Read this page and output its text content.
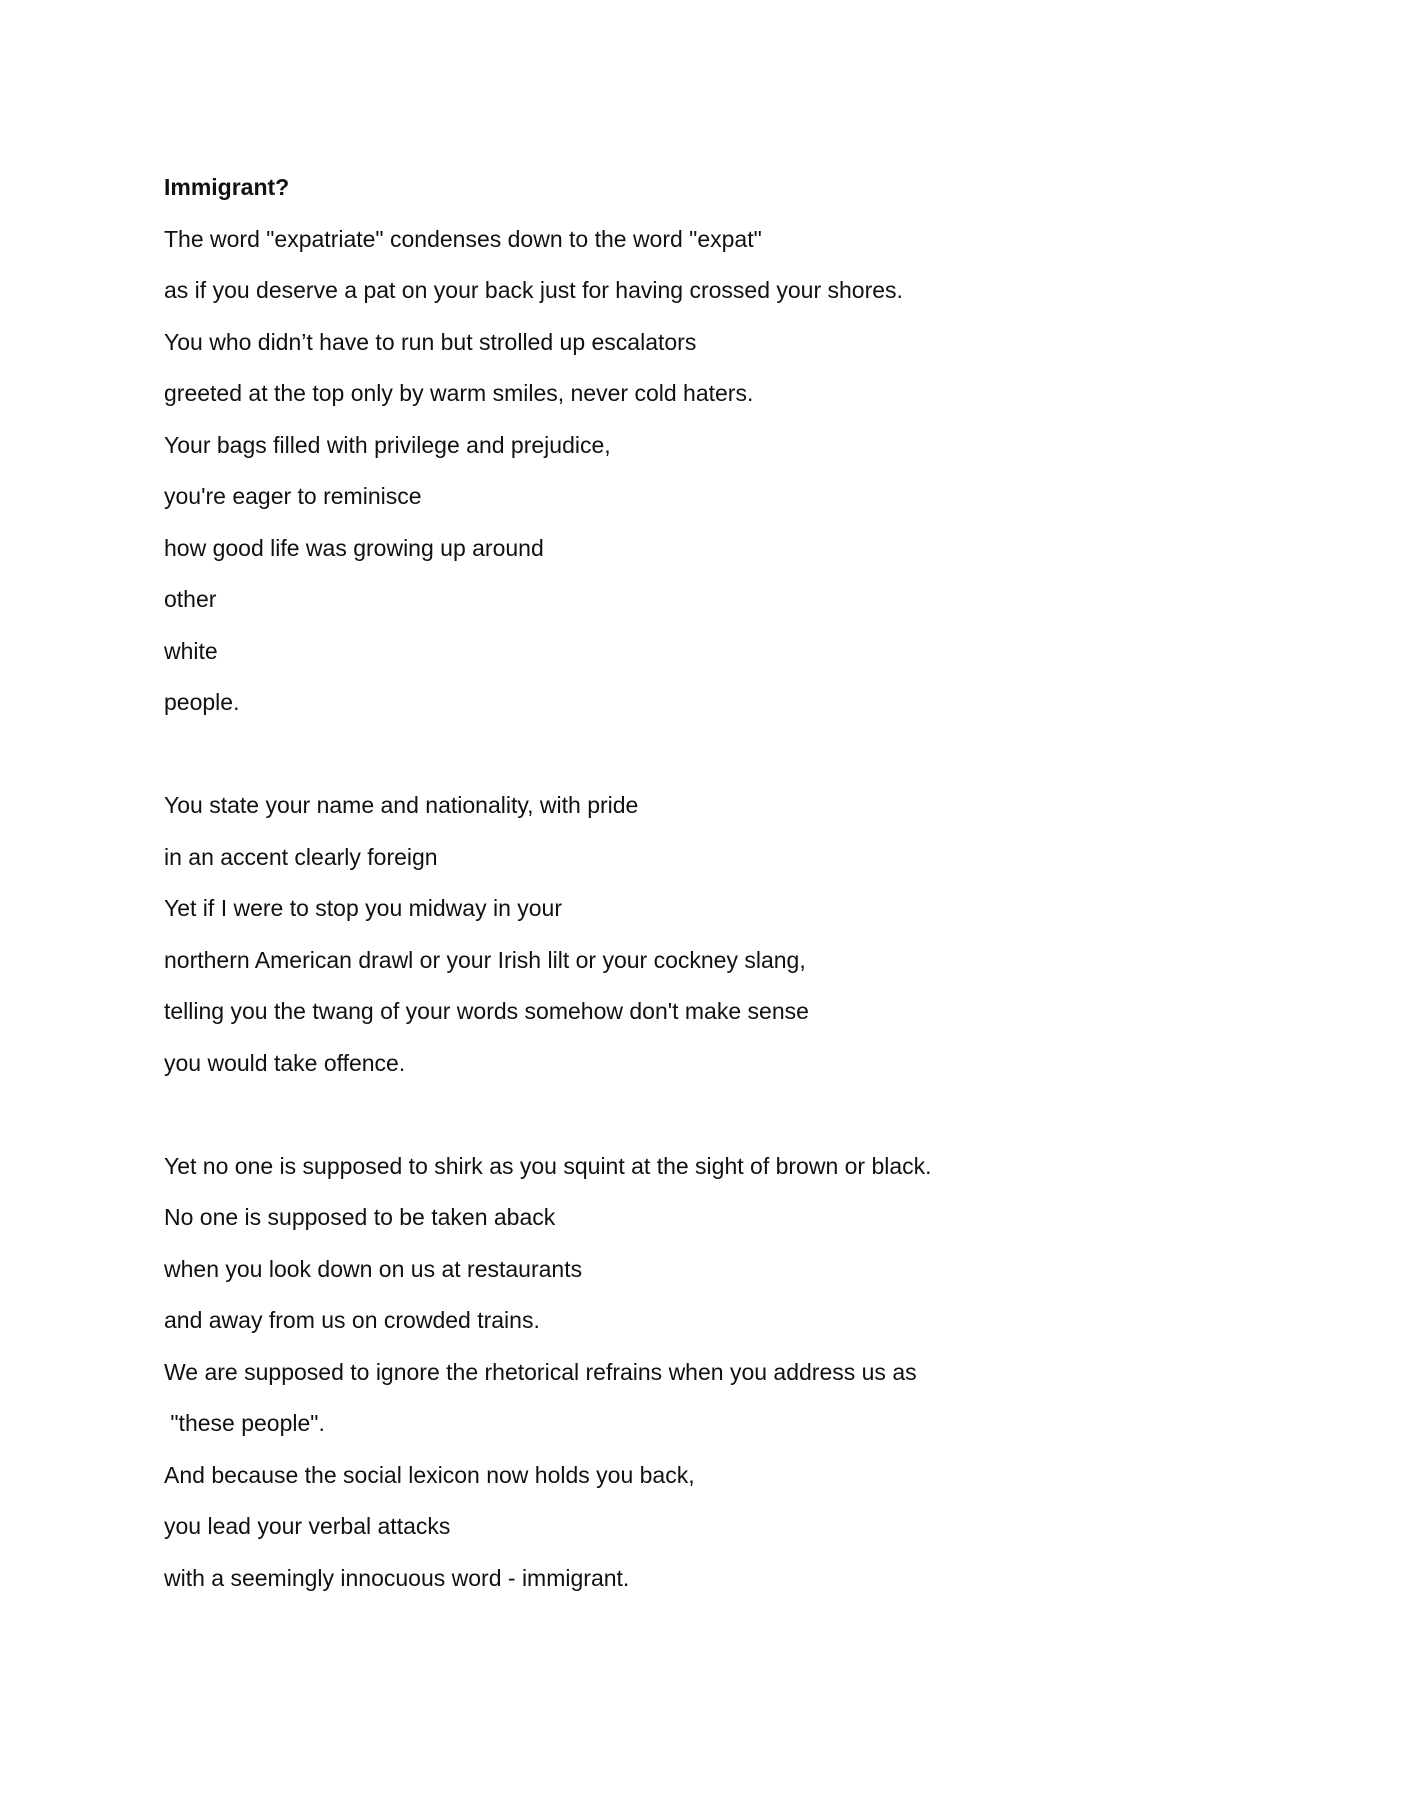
Immigrant?
The word "expatriate" condenses down to the word "expat"
as if you deserve a pat on your back just for having crossed your shores.
You who didn’t have to run but strolled up escalators
greeted at the top only by warm smiles, never cold haters.
Your bags filled with privilege and prejudice,
you're eager to reminisce
how good life was growing up around
other
white
people.
You state your name and nationality, with pride
in an accent clearly foreign
Yet if I were to stop you midway in your
northern American drawl or your Irish lilt or your cockney slang,
telling you the twang of your words somehow don't make sense
you would take offence.
Yet no one is supposed to shirk as you squint at the sight of brown or black.
No one is supposed to be taken aback
when you look down on us at restaurants
and away from us on crowded trains.
We are supposed to ignore the rhetorical refrains when you address us as
"these people".
And because the social lexicon now holds you back,
you lead your verbal attacks
with a seemingly innocuous word - immigrant.
